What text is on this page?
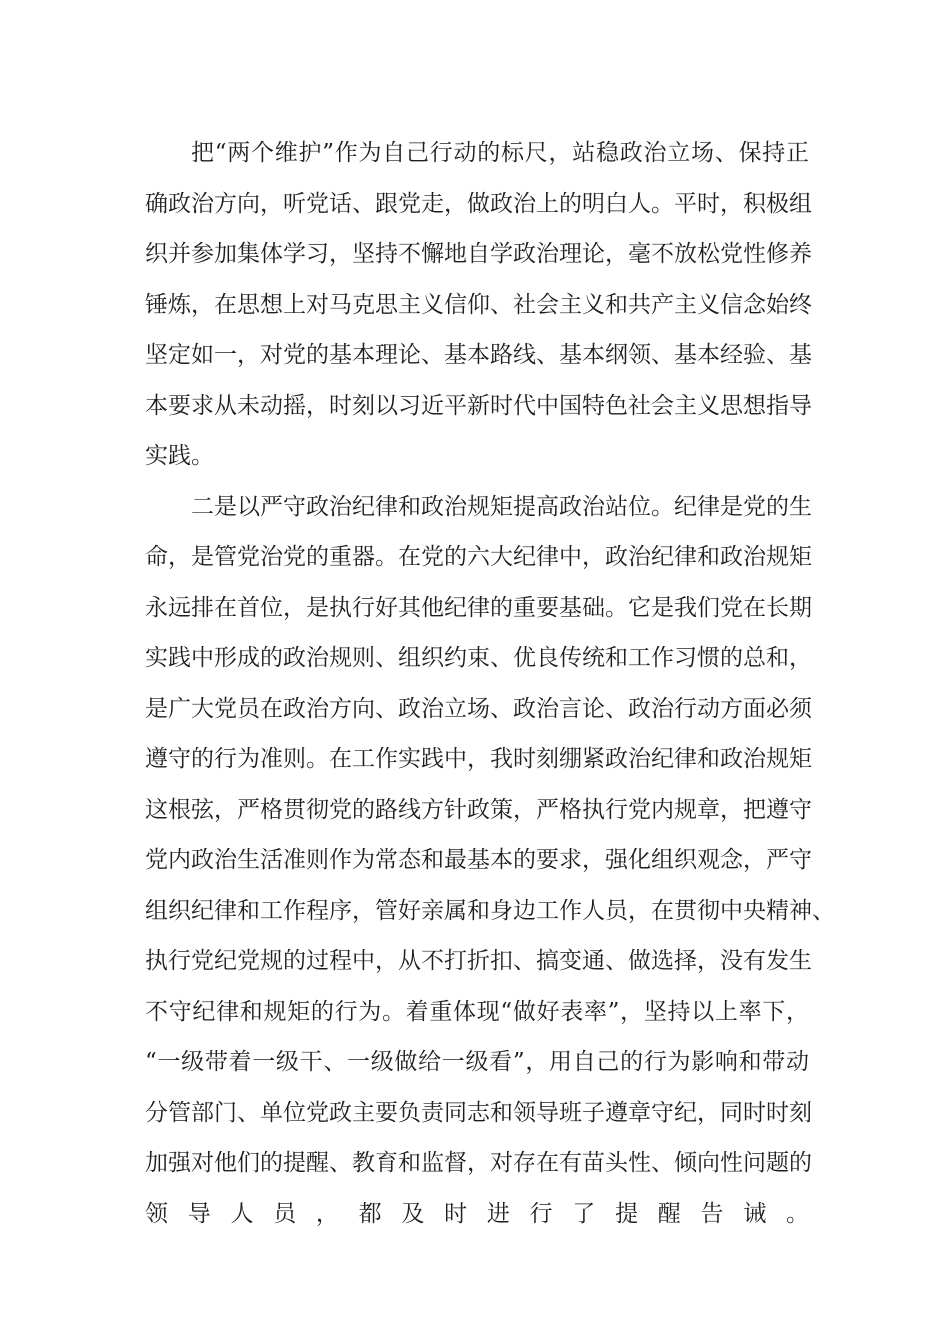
把“两个维护”作为自己行动的标尺，站稳政治立场、保持正
确政治方向，听党话、跟党走，做政治上的明白人。平时，积极组
织并参加集体学习，坚持不懈地自学政治理论，毫不放松党性修养
锤炼，在思想上对马克思主义信仰、社会主义和共产主义信念始终
坚定如一，对党的基本理论、基本路线、基本纲领、基本经验、基
本要求从未动摇，时刻以习近平新时代中国特色社会主义思想指导
实践。
二是以严守政治纪律和政治规矩提高政治站位。纪律是党的生
命，是管党治党的重器。在党的六大纪律中，政治纪律和政治规矩
永远排在首位，是执行好其他纪律的重要基础。它是我们党在长期
实践中形成的政治规则、组织约束、优良传统和工作习惯的总和，
是广大党员在政治方向、政治立场、政治言论、政治行动方面必须
遵守的行为准则。在工作实践中，我时刻绷紧政治纪律和政治规矩
这根弦，严格贯彻党的路线方针政策，严格执行党内规章，把遵守
党内政治生活准则作为常态和最基本的要求，强化组织观念，严守
组织纪律和工作程序，管好亲属和身边工作人员，在贯彻中央精神、
执行党纪党规的过程中，从不打折扣、搞变通、做选择，没有发生
不守纪律和规矩的行为。着重体现“做好表率”，坚持以上率下，
“一级带着一级干、一级做给一级看”，用自己的行为影响和带动
分管部门、单位党政主要负责同志和领导班子遵章守纪，同时时刻
加强对他们的提醒、教育和监督，对存在有苗头性、倾向性问题的
领导人员，都及时进行了提醒告诫。
